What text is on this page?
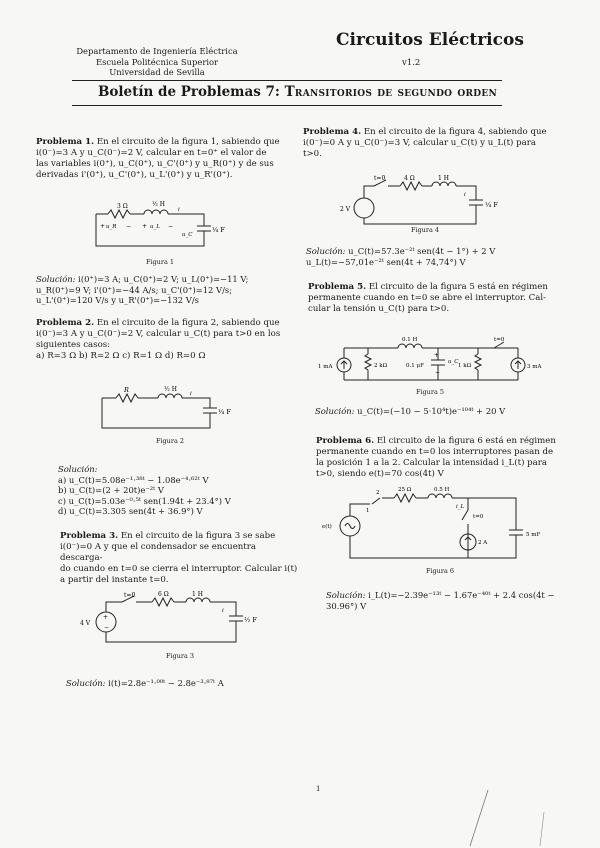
Departamento de Ingeniería Eléctrica
Escuela Politécnica Superior
Universidad de Sevilla
Circuitos Eléctricos
v1.2
Boletín de Problemas 7: Transitorios de segundo orden
Problema 1. En el circuito de la figura 1, sabiendo que
i(0⁻)=3 A y u_C(0⁻)=2 V, calcular en t=0⁺ el valor de
las variables i(0⁺), u_C(0⁺), u_C'(0⁺) y u_R(0⁺) y de sus
derivadas i'(0⁺), u_C'(0⁺), u_L'(0⁺) y u_R'(0⁺).
3 Ω	½ H
¼ F
i
u_R	u_L
u_C
+	− +	−
Figura 1
Solución: i(0⁺)=3 A; u_C(0⁺)=2 V; u_L(0⁺)=−11 V;
u_R(0⁺)=9 V; i'(0⁺)=−44 A/s; u_C'(0⁺)=12 V/s;
u_L'(0⁺)=120 V/s y u_R'(0⁺)=−132 V/s
Problema 2. En el circuito de la figura 2, sabiendo que
i(0⁻)=3 A y u_C(0⁻)=2 V, calcular u_C(t) para t>0 en los
siguientes casos:
a) R=3 Ω b) R=2 Ω c) R=1 Ω d) R=0 Ω
R	½ H
¼ F
i
Figura 2
Solución:
a) u_C(t)=5.08e⁻¹·³⁸ᵗ − 1.08e⁻⁴·⁶²ᵗ V
b) u_C(t)=(2 + 20t)e⁻²ᵗ V
c) u_C(t)=5.03e⁻⁰·⁵ᵗ sen(1.94t + 23.4°) V
d) u_C(t)=3.305 sen(4t + 36.9°) V
Problema 3. En el circuito de la figura 3 se sabe
i(0⁻)=0 A y que el condensador se encuentra descarga-
do cuando en t=0 se cierra el interruptor. Calcular i(t)
a partir del instante t=0.
t=0	6 Ω	1 H
½ F
4 V
i
+
−
Figura 3
Solución: i(t)=2.8e⁻¹·⁰⁰ᵗ − 2.8e⁻³·⁸⁷ᵗ A
Problema 4. En el circuito de la figura 4, sabiendo que
i(0⁻)=0 A y u_C(0⁻)=3 V, calcular u_C(t) y u_L(t) para
t>0.
t=0	4 Ω	1 H
¼ F
2 V
i
Figura 4
Solución: u_C(t)=57.3e⁻²ᵗ sen(4t − 1°) + 2 V
u_L(t)=−57,01e⁻²ᵗ sen(4t + 74,74°) V
Problema 5. El circuito de la figura 5 está en régimen
permanente cuando en t=0 se abre el interruptor. Cal-
cular la tensión u_C(t) para t>0.
1 mA	2 kΩ
0.1 H
0.1 μF
u_C
1 kΩ
t=0
3 mA
+
−
Figura 5
Solución: u_C(t)=(−10 − 5·10⁴t)e⁻¹⁰⁴ᵗ + 20 V
Problema 6. El circuito de la figura 6 está en régimen
permanente cuando en t=0 los interruptores pasan de
la posición 1 a la 2. Calcular la intensidad i_L(t) para
t>0, siendo e(t)=70 cos(4t) V
2
1
25 Ω	0.5 H
i_L
t=0
2 A
5 mF
e(t)
Figura 6
Solución: i_L(t)=−2.39e⁻¹³ᵗ − 1.67e⁻⁴⁰ᵗ + 2.4 cos(4t −
30.96°) V
1
